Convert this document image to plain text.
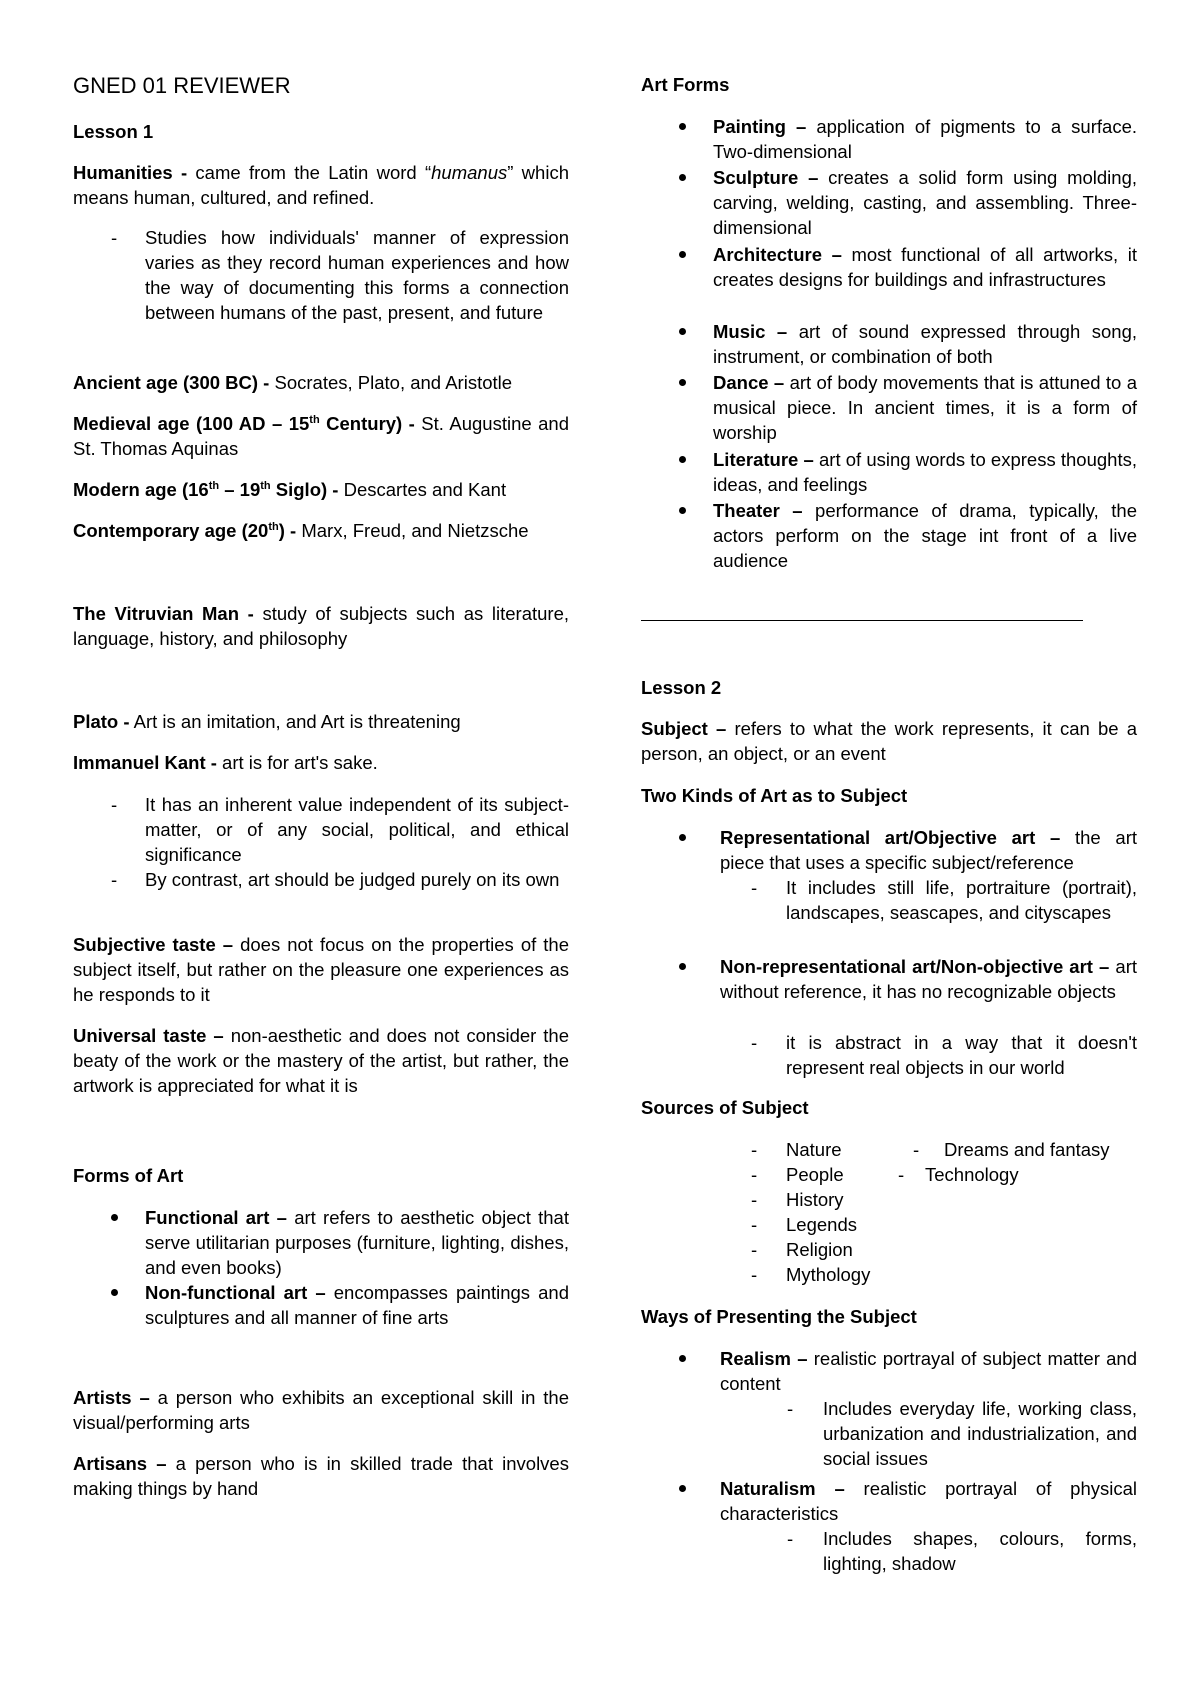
GNED 01 REVIEWER
Lesson 1

Humanities - came from the Latin word “humanus” which means human, cultured, and refined.

- Studies how individuals' manner of expression varies as they record human experiences and how the way of documenting this forms a connection between humans of the past, present, and future

Ancient age (300 BC) - Socrates, Plato, and Aristotle

Medieval age (100 AD – 15th Century) - St. Augustine and St. Thomas Aquinas

Modern age (16th – 19th Siglo) - Descartes and Kant

Contemporary age (20th) - Marx, Freud, and Nietzsche

The Vitruvian Man - study of subjects such as literature, language, history, and philosophy

Plato - Art is an imitation, and Art is threatening

Immanuel Kant - art is for art's sake.

- It has an inherent value independent of its subject-matter, or of any social, political, and ethical significance

- By contrast, art should be judged purely on its own

Subjective taste – does not focus on the properties of the subject itself, but rather on the pleasure one experiences as he responds to it

Universal taste – non-aesthetic and does not consider the beaty of the work or the mastery of the artist, but rather, the artwork is appreciated for what it is

Forms of Art

Functional art – art refers to aesthetic object that serve utilitarian purposes (furniture, lighting, dishes, and even books)

Non-functional art – encompasses paintings and sculptures and all manner of fine arts

Artists – a person who exhibits an exceptional skill in the visual/performing arts

Artisans – a person who is in skilled trade that involves making things by hand

Art Forms

Painting – application of pigments to a surface. Two-dimensional

Sculpture – creates a solid form using molding, carving, welding, casting, and assembling. Three-dimensional

Architecture – most functional of all artworks, it creates designs for buildings and infrastructures

Music – art of sound expressed through song, instrument, or combination of both

Dance – art of body movements that is attuned to a musical piece. In ancient times, it is a form of worship

Literature – art of using words to express thoughts, ideas, and feelings

Theater – performance of drama, typically, the actors perform on the stage int front of a live audience

Lesson 2

Subject – refers to what the work represents, it can be a person, an object, or an event

Two Kinds of Art as to Subject

Representational art/Objective art – the art piece that uses a specific subject/reference

- It includes still life, portraiture (portrait), landscapes, seascapes, and cityscapes

Non-representational art/Non-objective art – art without reference, it has no recognizable objects

- it is abstract in a way that it doesn't represent real objects in our world

Sources of Subject
- Nature
- People
- History
- Legends
- Religion
- Mythology
- Dreams and fantasy
- Technology
Ways of Presenting the Subject

Realism – realistic portrayal of subject matter and content

- Includes everyday life, working class, urbanization and industrialization, and social issues

Naturalism – realistic portrayal of physical characteristics

- Includes shapes, colours, forms, lighting, shadow
